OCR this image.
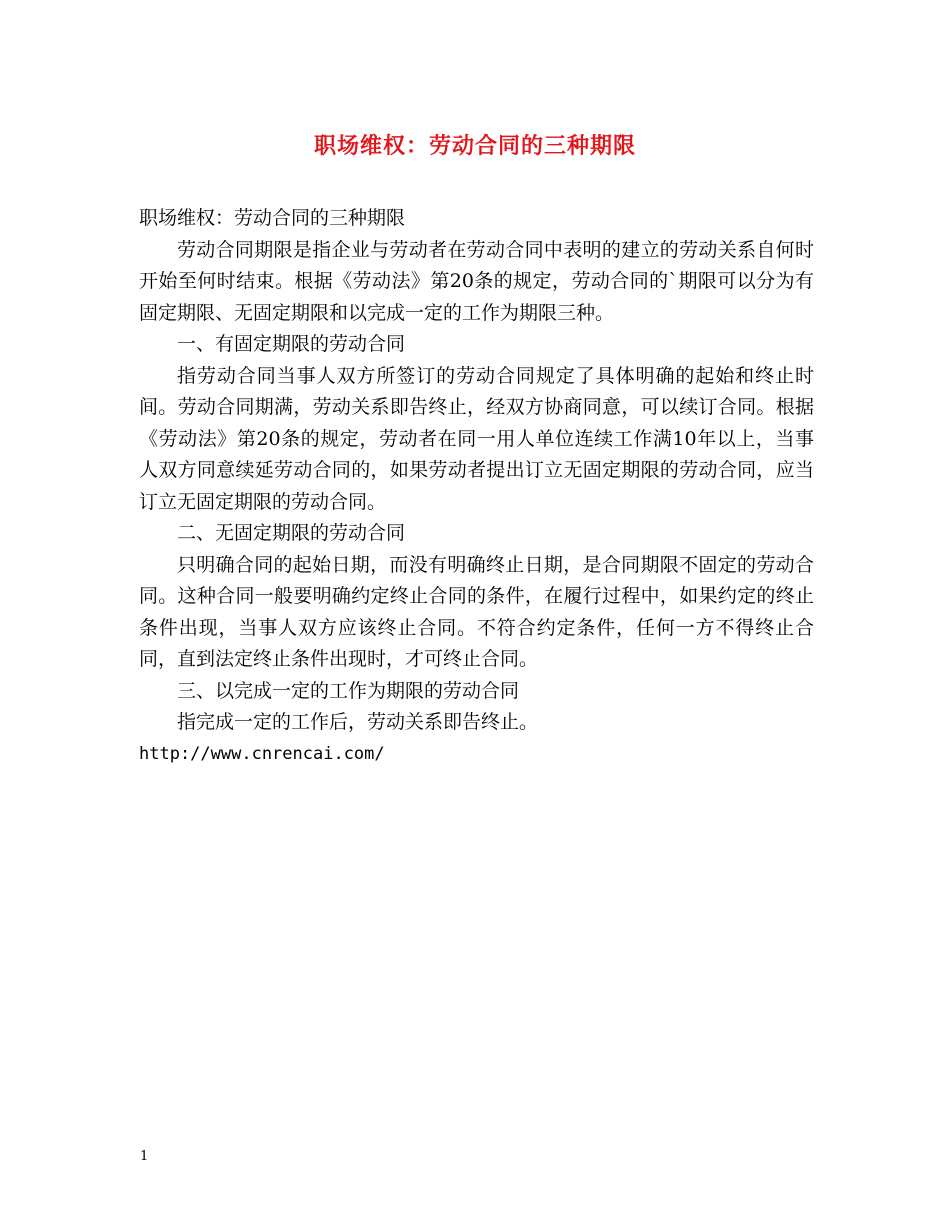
职场维权：劳动合同的三种期限

职场维权：劳动合同的三种期限

劳动合同期限是指企业与劳动者在劳动合同中表明的建立的劳动关系自何时开始至何时结束。根据《劳动法》第20条的规定，劳动合同的`期限可以分为有固定期限、无固定期限和以完成一定的工作为期限三种。

一、有固定期限的劳动合同

指劳动合同当事人双方所签订的劳动合同规定了具体明确的起始和终止时间。劳动合同期满，劳动关系即告终止，经双方协商同意，可以续订合同。根据《劳动法》第20条的规定，劳动者在同一用人单位连续工作满10年以上，当事人双方同意续延劳动合同的，如果劳动者提出订立无固定期限的劳动合同，应当订立无固定期限的劳动合同。

二、无固定期限的劳动合同

只明确合同的起始日期，而没有明确终止日期，是合同期限不固定的劳动合同。这种合同一般要明确约定终止合同的条件，在履行过程中，如果约定的终止条件出现，当事人双方应该终止合同。不符合约定条件，任何一方不得终止合同，直到法定终止条件出现时，才可终止合同。

三、以完成一定的工作为期限的劳动合同

指完成一定的工作后，劳动关系即告终止。

http://www.cnrencai.com/

1
